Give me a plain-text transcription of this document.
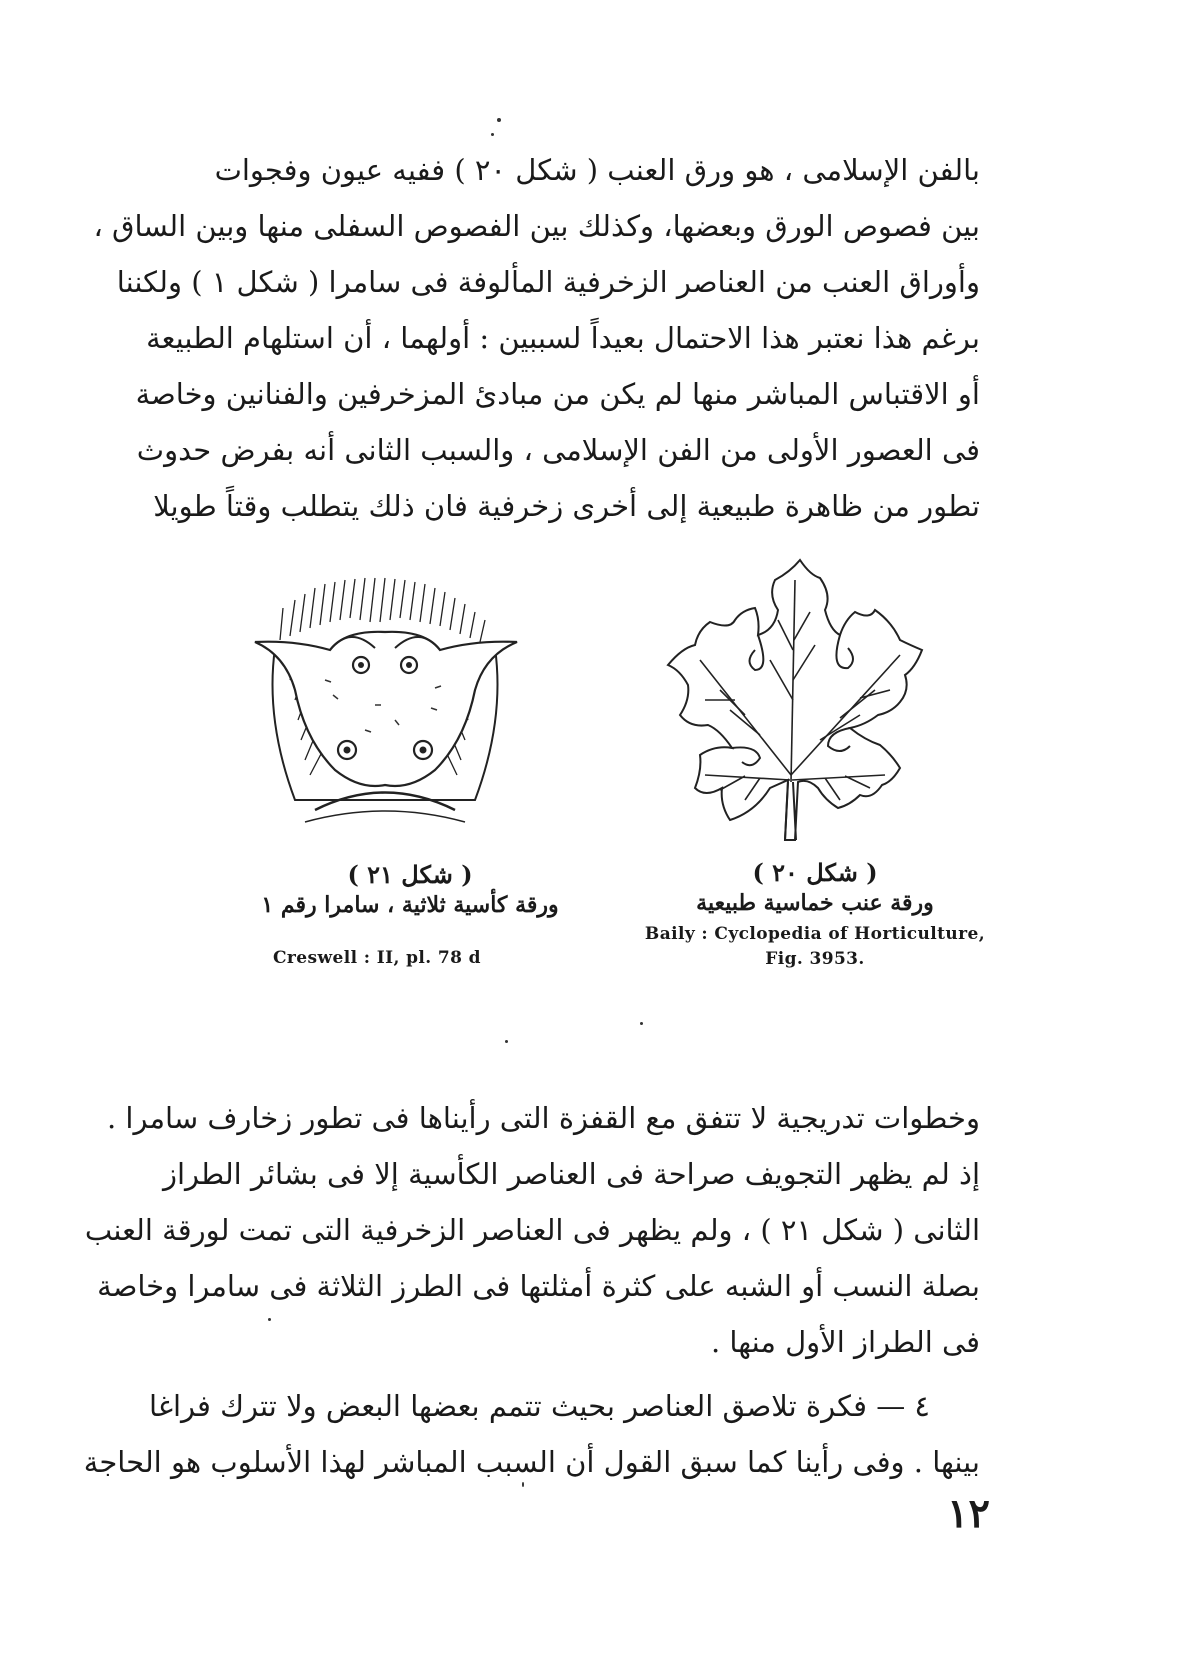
بالفن الإسلامى ، هو ورق العنب ( شكل ٢٠ ) ففيه عيون وفجوات
بين فصوص الورق وبعضها، وكذلك بين الفصوص السفلى منها وبين الساق ،
وأوراق العنب من العناصر الزخرفية المألوفة فى سامرا ( شكل ١ ) ولكننا
برغم هذا نعتبر هذا الاحتمال بعيداً لسببين : أولهما ، أن استلهام الطبيعة
أو الاقتباس المباشر منها لم يكن من مبادئ المزخرفين والفنانين وخاصة
فى العصور الأولى من الفن الإسلامى ، والسبب الثانى أنه بفرض حدوث
تطور من ظاهرة طبيعية إلى أخرى زخرفية فان ذلك يتطلب وقتاً طويلا
( شكل ٢١ )
ورقة كأسية ثلاثية ، سامرا رقم ١
Creswell : II, pl. 78 d
( شكل ٢٠ )
ورقة عنب خماسية طبيعية
Baily : Cyclopedia of Horticulture,
Fig. 3953.
وخطوات تدريجية لا تتفق مع القفزة التى رأيناها فى تطور زخارف سامرا .
إذ لم يظهر التجويف صراحة فى العناصر الكأسية إلا فى بشائر الطراز
الثانى ( شكل ٢١ ) ، ولم يظهر فى العناصر الزخرفية التى تمت لورقة العنب
بصلة النسب أو الشبه على كثرة أمثلتها فى الطرز الثلاثة فى سامرا وخاصة
فى الطراز الأول منها .
٤ — فكرة تلاصق العناصر بحيث تتمم بعضها البعض ولا تترك فراغا
بينها . وفى رأينا كما سبق القول أن السبب المباشر لهذا الأسلوب هو الحاجة
١٢
